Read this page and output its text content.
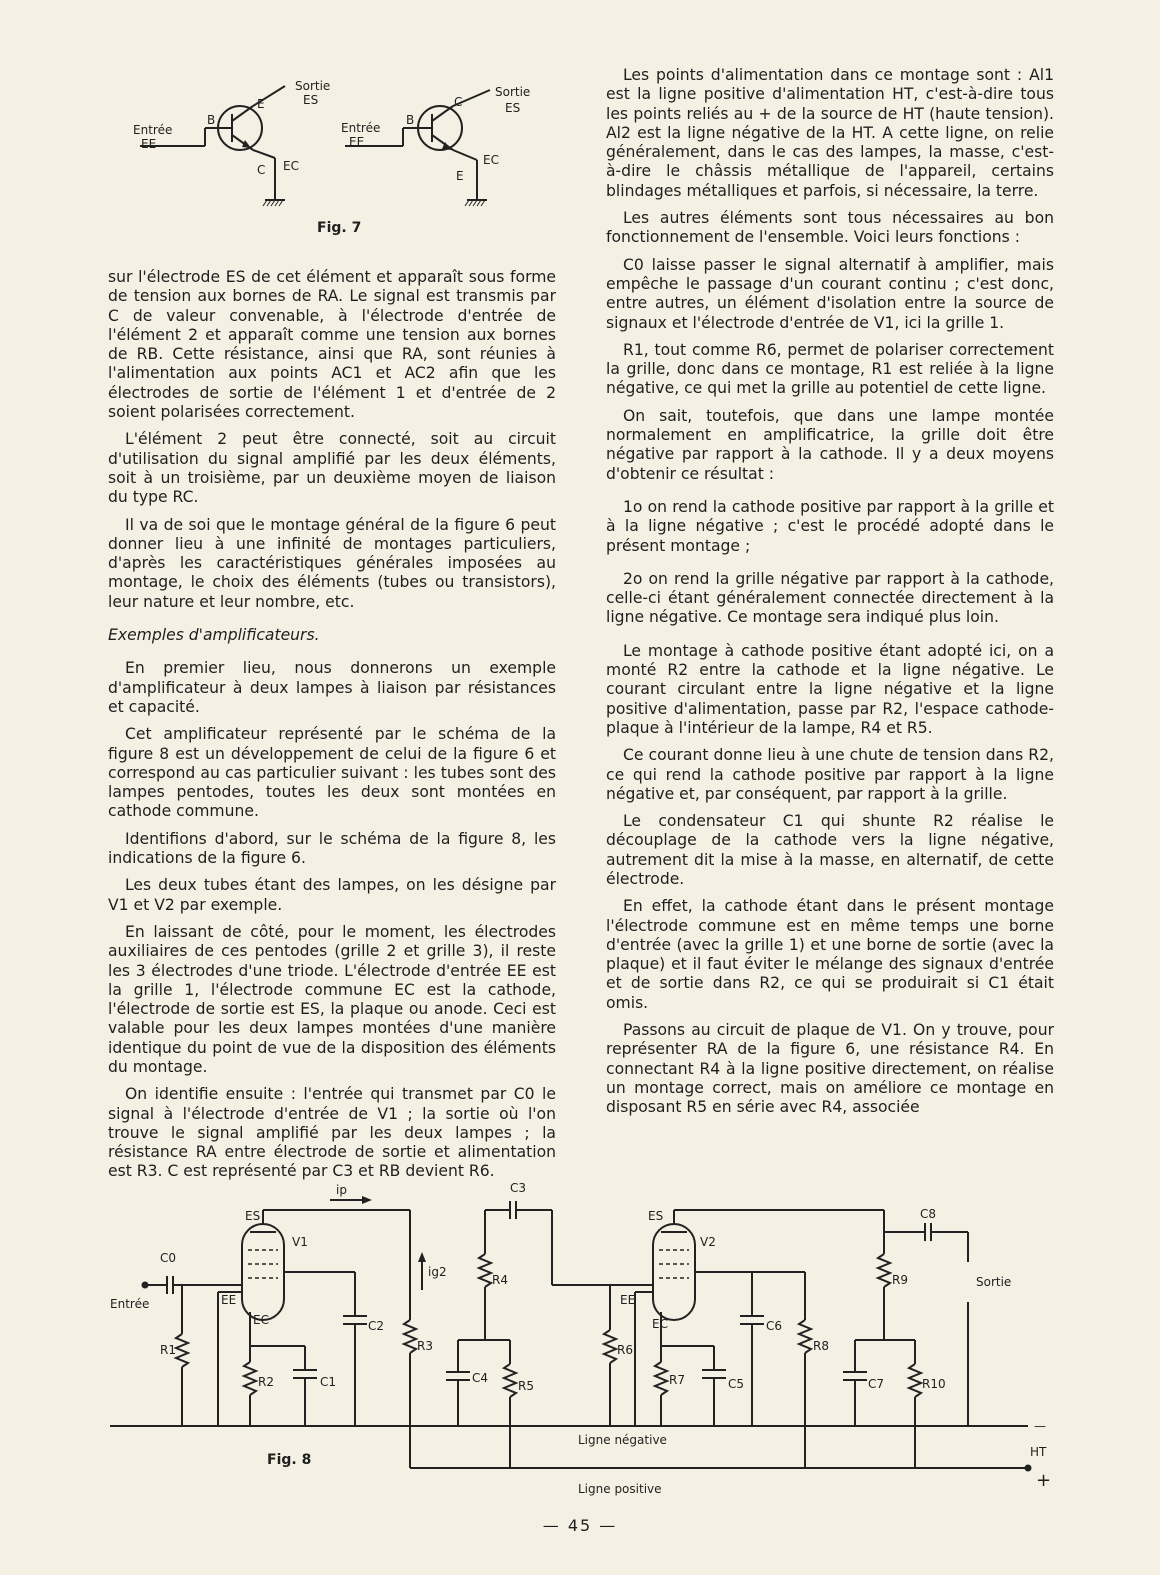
Entrée
EE
B
E
C EC
Sortie
ES
Entrée
EE
B
C
E
EC
Sortie
ES
Fig. 7

sur l'électrode ES de cet élément et apparaît sous forme de tension aux bornes de RA. Le signal est transmis par C de valeur convenable, à l'électrode d'entrée de l'élément 2 et apparaît comme une tension aux bornes de RB. Cette résistance, ainsi que RA, sont réunies à l'alimentation aux points AC1 et AC2 afin que les électrodes de sortie de l'élément 1 et d'entrée de 2 soient polarisées correctement.

L'élément 2 peut être connecté, soit au circuit d'utilisation du signal amplifié par les deux éléments, soit à un troisième, par un deuxième moyen de liaison du type RC.

Il va de soi que le montage général de la figure 6 peut donner lieu à une infinité de montages particuliers, d'après les caractéristiques générales imposées au montage, le choix des éléments (tubes ou transistors), leur nature et leur nombre, etc.

Exemples d'amplificateurs.

En premier lieu, nous donnerons un exemple d'amplificateur à deux lampes à liaison par résistances et capacité.

Cet amplificateur représenté par le schéma de la figure 8 est un développement de celui de la figure 6 et correspond au cas particulier suivant : les tubes sont des lampes pentodes, toutes les deux sont montées en cathode commune.

Identifions d'abord, sur le schéma de la figure 8, les indications de la figure 6.

Les deux tubes étant des lampes, on les désigne par V1 et V2 par exemple.

En laissant de côté, pour le moment, les électrodes auxiliaires de ces pentodes (grille 2 et grille 3), il reste les 3 électrodes d'une triode. L'électrode d'entrée EE est la grille 1, l'électrode commune EC est la cathode, l'électrode de sortie est ES, la plaque ou anode. Ceci est valable pour les deux lampes montées d'une manière identique du point de vue de la disposition des éléments du montage.

On identifie ensuite : l'entrée qui transmet par C0 le signal à l'électrode d'entrée de V1 ; la sortie où l'on trouve le signal amplifié par les deux lampes ; la résistance RA entre électrode de sortie et alimentation est R3. C est représenté par C3 et RB devient R6.

Les points d'alimentation dans ce montage sont : Al1 est la ligne positive d'alimentation HT, c'est-à-dire tous les points reliés au + de la source de HT (haute tension). Al2 est la ligne négative de la HT. A cette ligne, on relie généralement, dans le cas des lampes, la masse, c'est-à-dire le châssis métallique de l'appareil, certains blindages métalliques et parfois, si nécessaire, la terre.

Les autres éléments sont tous nécessaires au bon fonctionnement de l'ensemble. Voici leurs fonctions :

C0 laisse passer le signal alternatif à amplifier, mais empêche le passage d'un courant continu ; c'est donc, entre autres, un élément d'isolation entre la source de signaux et l'électrode d'entrée de V1, ici la grille 1.

R1, tout comme R6, permet de polariser correctement la grille, donc dans ce montage, R1 est reliée à la ligne négative, ce qui met la grille au potentiel de cette ligne.

On sait, toutefois, que dans une lampe montée normalement en amplificatrice, la grille doit être négative par rapport à la cathode. Il y a deux moyens d'obtenir ce résultat :

1o on rend la cathode positive par rapport à la grille et à la ligne négative ; c'est le procédé adopté dans le présent montage ;

2o on rend la grille négative par rapport à la cathode, celle-ci étant généralement connectée directement à la ligne négative. Ce montage sera indiqué plus loin.

Le montage à cathode positive étant adopté ici, on a monté R2 entre la cathode et la ligne négative. Le courant circulant entre la ligne négative et la ligne positive d'alimentation, passe par R2, l'espace cathode-plaque à l'intérieur de la lampe, R4 et R5.

Ce courant donne lieu à une chute de tension dans R2, ce qui rend la cathode positive par rapport à la ligne négative et, par conséquent, par rapport à la grille.

Le condensateur C1 qui shunte R2 réalise le découplage de la cathode vers la ligne négative, autrement dit la mise à la masse, en alternatif, de cette électrode.

En effet, la cathode étant dans le présent montage l'électrode commune est en même temps une borne d'entrée (avec la grille 1) et une borne de sortie (avec la plaque) et il faut éviter le mélange des signaux d'entrée et de sortie dans R2, ce qui se produirait si C1 était omis.

Passons au circuit de plaque de V1. On y trouve, pour représenter RA de la figure 6, une résistance R4. En connectant R4 à la ligne positive directement, on réalise un montage correct, mais on améliore ce montage en disposant R5 en série avec R4, associée

ip	C3
ES
V1
C0
Entrée	EE
EC
R1
R2	C1
C2
R3
ig2
R4
C4
R5
ES
V2
EE
EC
R6
R7	C5
C6
R8
C8
R9	Sortie
C7	R10
Ligne négative
Ligne positive
HT
—
+
Fig. 8
— 45 —
